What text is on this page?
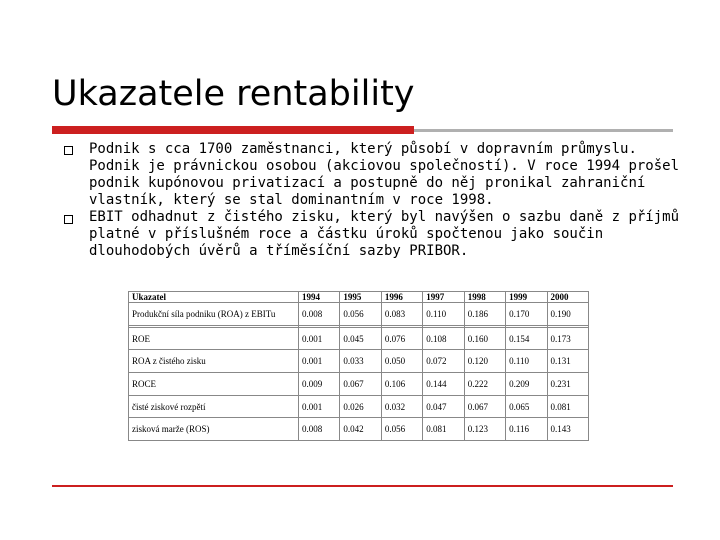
Ukazatele rentability
Podnik s cca 1700 zaměstnanci, který působí v dopravním průmyslu. Podnik je právnickou osobou (akciovou společností). V roce 1994 prošel podnik kupónovou privatizací a postupně do něj pronikal zahraniční vlastník, který se stal dominantním v roce 1998.
EBIT odhadnut z čistého zisku, který byl navýšen o sazbu daně z příjmů platné v příslušném roce a částku úroků spočtenou jako součin dlouhodobých úvěrů a tříměsíční sazby PRIBOR.
Ukazatel	1994	1995	1996	1997	1998	1999	2000
Produkční síla podniku (ROA) z EBITu	0.008	0.056	0.083	0.110	0.186	0.170	0.190

ROE	0.001	0.045	0.076	0.108	0.160	0.154	0.173
ROA z čistého zisku	0.001	0.033	0.050	0.072	0.120	0.110	0.131
ROCE	0.009	0.067	0.106	0.144	0.222	0.209	0.231
čisté ziskové rozpětí	0.001	0.026	0.032	0.047	0.067	0.065	0.081
zisková marže (ROS)	0.008	0.042	0.056	0.081	0.123	0.116	0.143
